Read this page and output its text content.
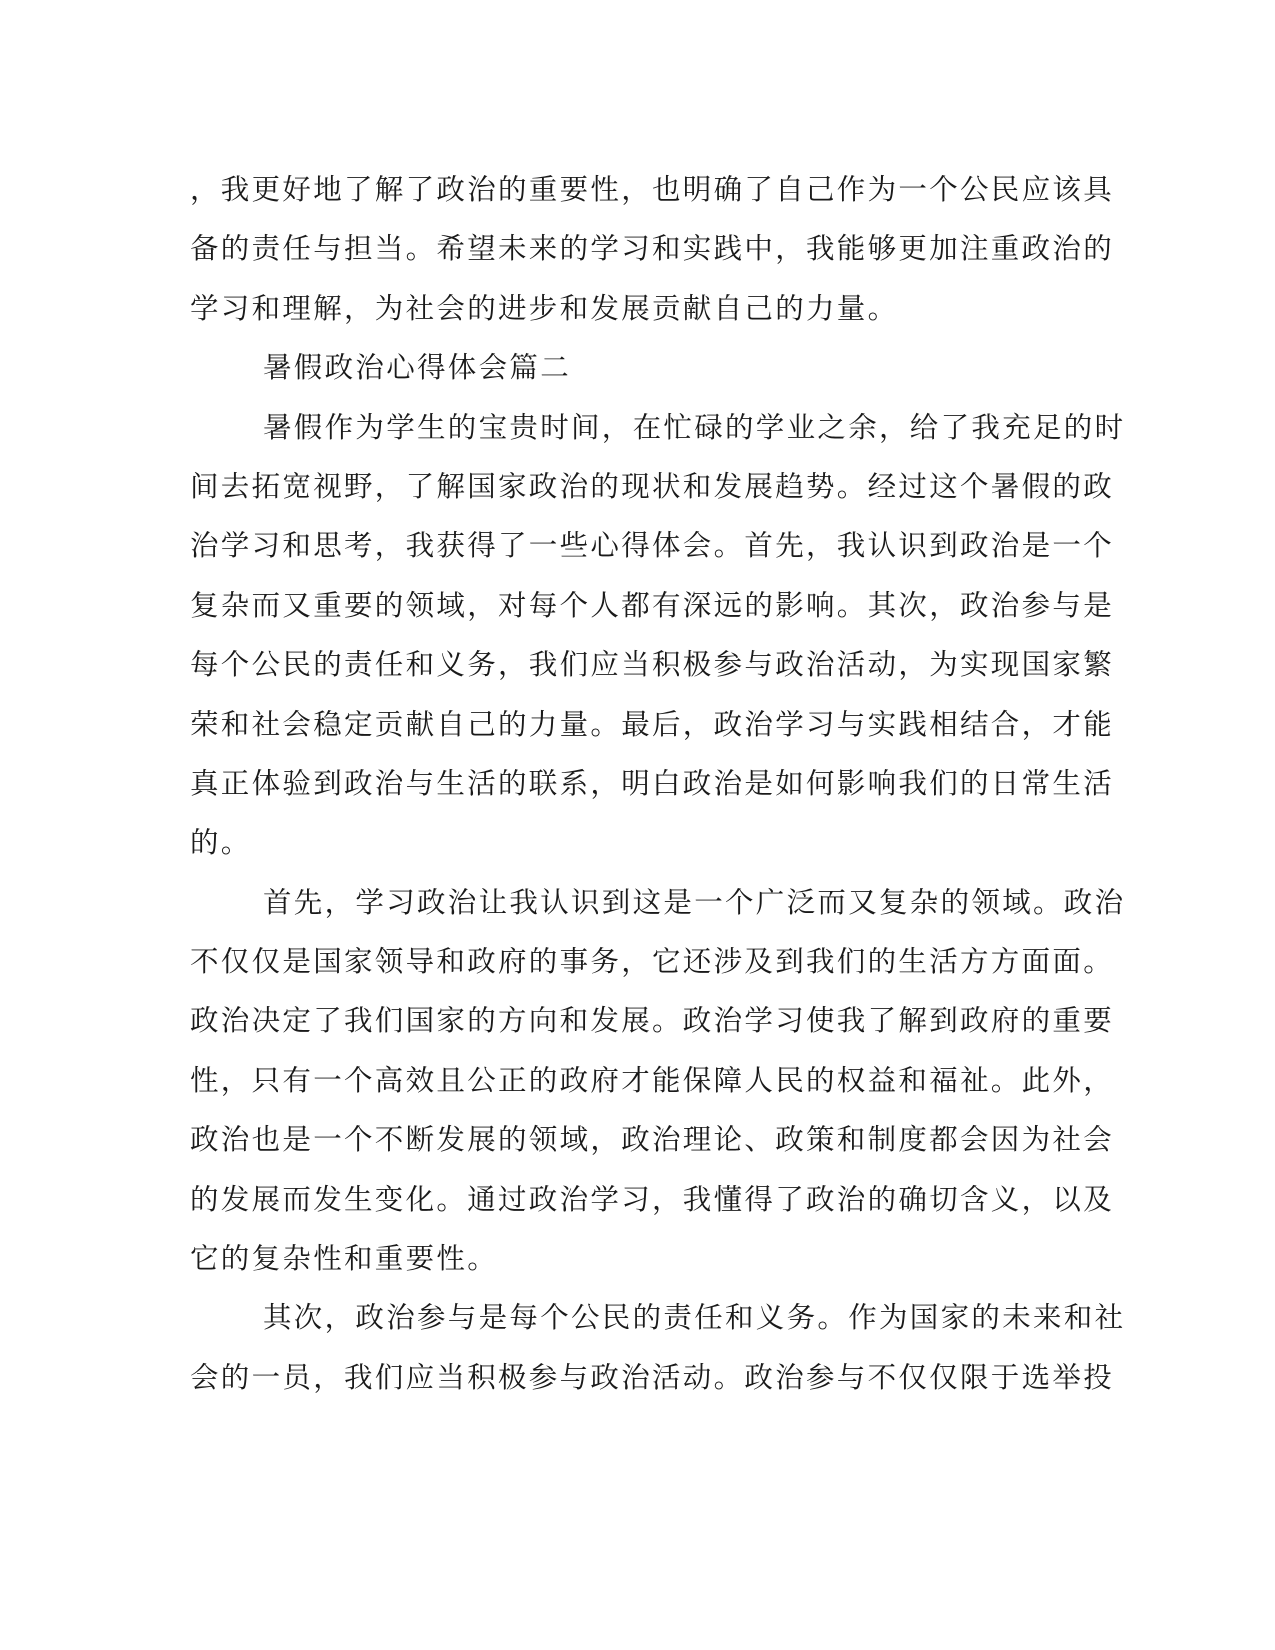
，我更好地了解了政治的重要性，也明确了自己作为一个公民应该具
备的责任与担当。希望未来的学习和实践中，我能够更加注重政治的
学习和理解，为社会的进步和发展贡献自己的力量。
暑假政治心得体会篇二
暑假作为学生的宝贵时间，在忙碌的学业之余，给了我充足的时
间去拓宽视野，了解国家政治的现状和发展趋势。经过这个暑假的政
治学习和思考，我获得了一些心得体会。首先，我认识到政治是一个
复杂而又重要的领域，对每个人都有深远的影响。其次，政治参与是
每个公民的责任和义务，我们应当积极参与政治活动，为实现国家繁
荣和社会稳定贡献自己的力量。最后，政治学习与实践相结合，才能
真正体验到政治与生活的联系，明白政治是如何影响我们的日常生活
的。
首先，学习政治让我认识到这是一个广泛而又复杂的领域。政治
不仅仅是国家领导和政府的事务，它还涉及到我们的生活方方面面。
政治决定了我们国家的方向和发展。政治学习使我了解到政府的重要
性，只有一个高效且公正的政府才能保障人民的权益和福祉。此外，
政治也是一个不断发展的领域，政治理论、政策和制度都会因为社会
的发展而发生变化。通过政治学习，我懂得了政治的确切含义，以及
它的复杂性和重要性。
其次，政治参与是每个公民的责任和义务。作为国家的未来和社
会的一员，我们应当积极参与政治活动。政治参与不仅仅限于选举投
